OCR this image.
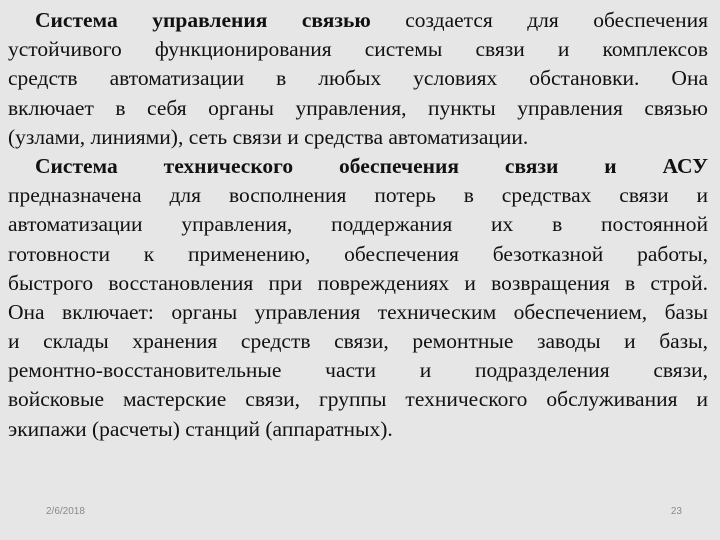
Система управления связью создается для обеспечения
устойчивого функционирования системы связи и комплексов
средств автоматизации в любых условиях обстановки. Она
включает в себя органы управления, пункты управления связью
(узлами, линиями), сеть связи и средства автоматизации.
Система технического обеспечения связи и АСУ
предназначена для восполнения потерь в средствах связи и
автоматизации управления, поддержания их в постоянной
готовности к применению, обеспечения безотказной работы,
быстрого восстановления при повреждениях и возвращения в строй.
Она включает: органы управления техническим обеспечением, базы
и склады хранения средств связи, ремонтные заводы и базы,
ремонтно-восстановительные части и подразделения связи,
войсковые мастерские связи, группы технического обслуживания и
экипажи (расчеты) станций (аппаратных).
2/6/2018	23
